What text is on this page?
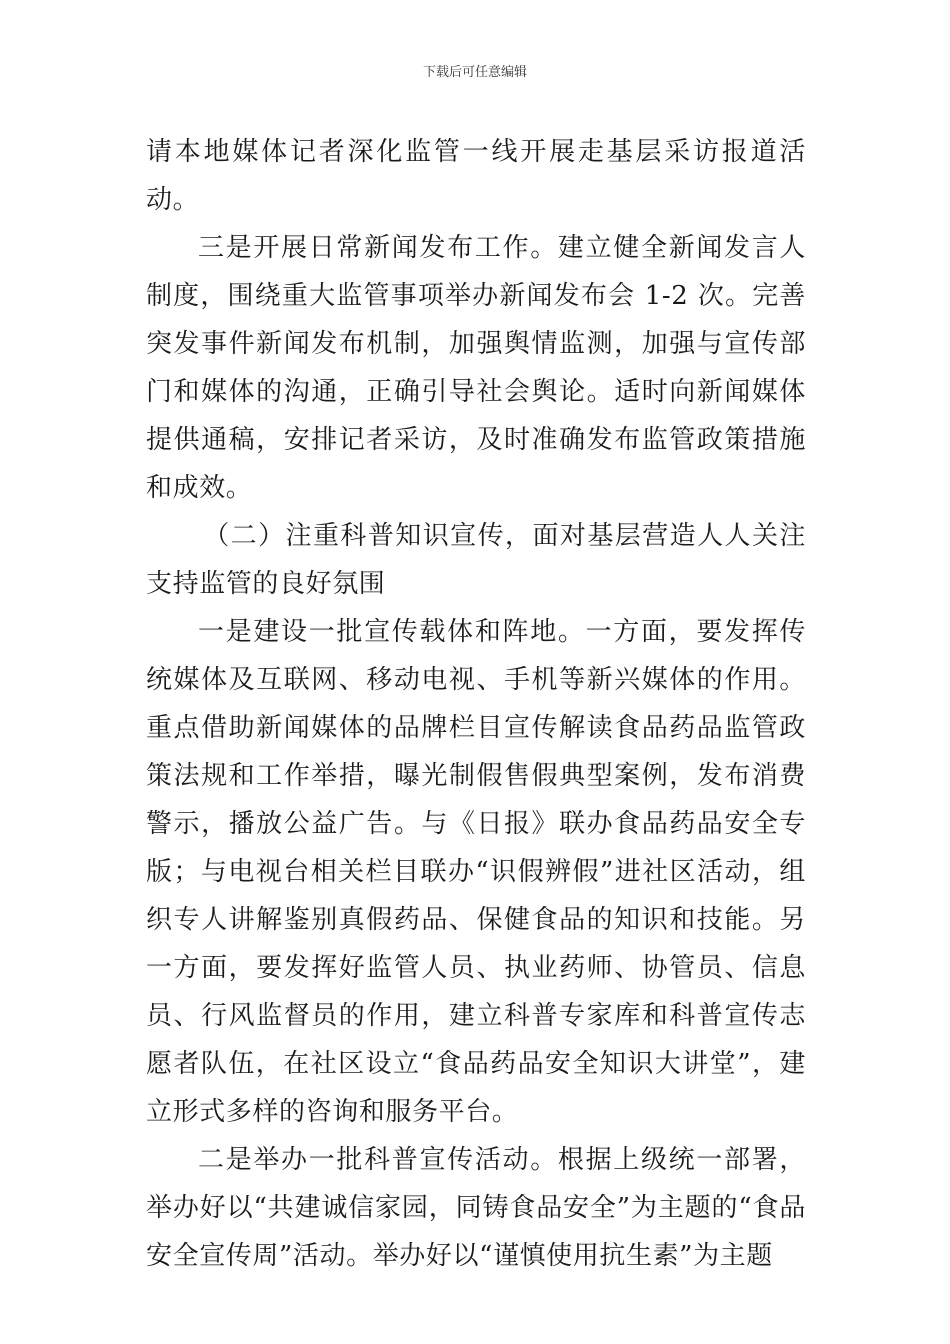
下载后可任意编辑

请本地媒体记者深化监管一线开展走基层采访报道活动。

三是开展日常新闻发布工作。建立健全新闻发言人制度，围绕重大监管事项举办新闻发布会 1-2 次。完善突发事件新闻发布机制，加强舆情监测，加强与宣传部门和媒体的沟通，正确引导社会舆论。适时向新闻媒体提供通稿，安排记者采访，及时准确发布监管政策措施和成效。

（二）注重科普知识宣传，面对基层营造人人关注支持监管的良好氛围

一是建设一批宣传载体和阵地。一方面，要发挥传统媒体及互联网、移动电视、手机等新兴媒体的作用。重点借助新闻媒体的品牌栏目宣传解读食品药品监管政策法规和工作举措，曝光制假售假典型案例，发布消费警示，播放公益广告。与《日报》联办食品药品安全专版；与电视台相关栏目联办“识假辨假”进社区活动，组织专人讲解鉴别真假药品、保健食品的知识和技能。另一方面，要发挥好监管人员、执业药师、协管员、信息员、行风监督员的作用，建立科普专家库和科普宣传志愿者队伍，在社区设立“食品药品安全知识大讲堂”，建立形式多样的咨询和服务平台。

二是举办一批科普宣传活动。根据上级统一部署，举办好以“共建诚信家园，同铸食品安全”为主题的“食品安全宣传周”活动。举办好以“谨慎使用抗生素”为主题
